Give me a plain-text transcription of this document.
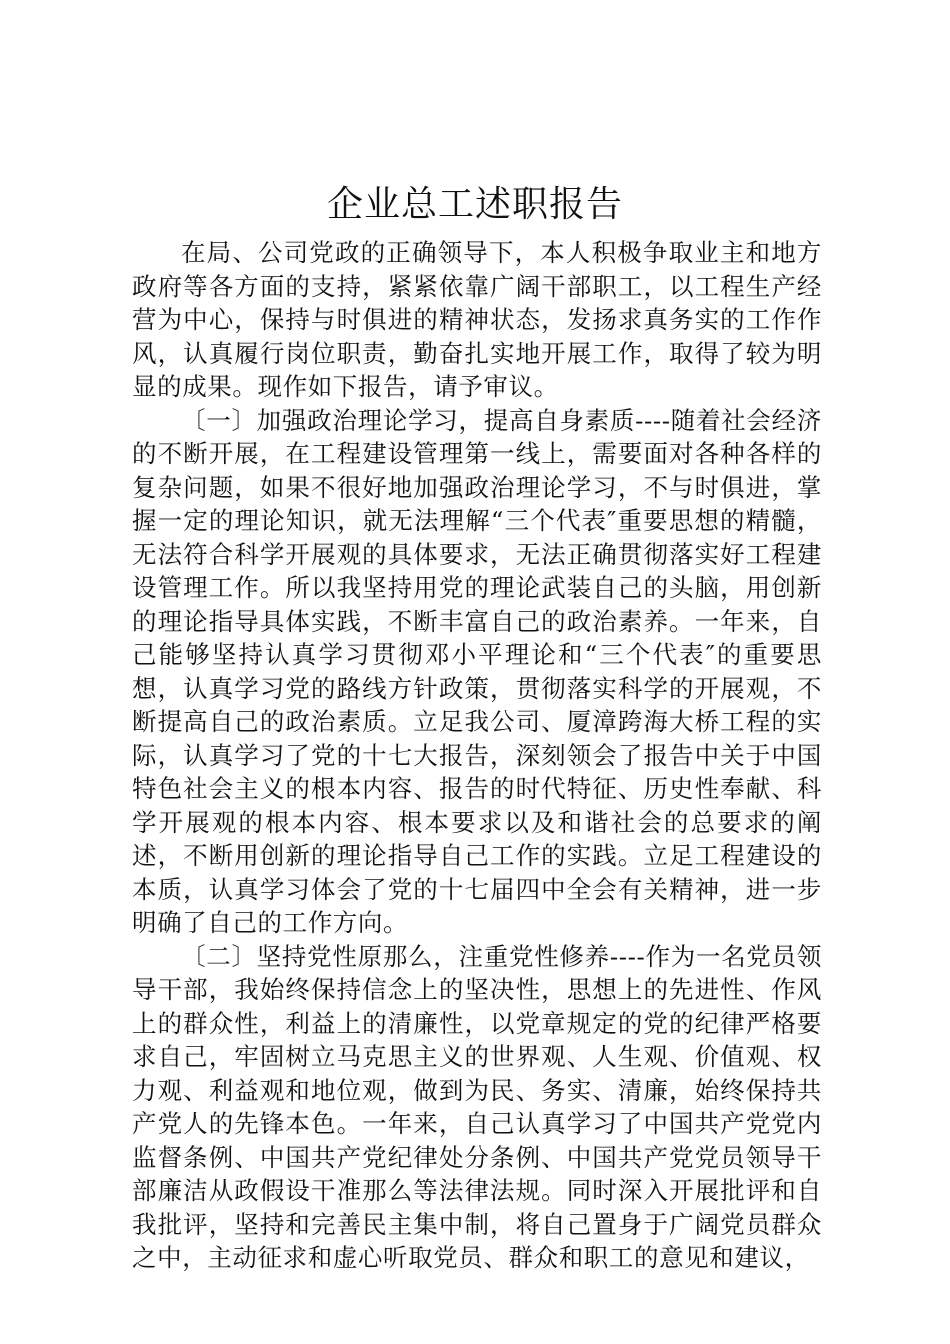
企业总工述职报告

在局、公司党政的正确领导下，本人积极争取业主和地方政府等各方面的支持，紧紧依靠广阔干部职工，以工程生产经营为中心，保持与时俱进的精神状态，发扬求真务实的工作作风，认真履行岗位职责，勤奋扎实地开展工作，取得了较为明显的成果。现作如下报告，请予审议。

〔一〕加强政治理论学习，提高自身素质----随着社会经济的不断开展，在工程建设管理第一线上，需要面对各种各样的复杂问题，如果不很好地加强政治理论学习，不与时俱进，掌握一定的理论知识，就无法理解“三个代表″重要思想的精髓，无法符合科学开展观的具体要求，无法正确贯彻落实好工程建设管理工作。所以我坚持用党的理论武装自己的头脑，用创新的理论指导具体实践，不断丰富自己的政治素养。一年来，自己能够坚持认真学习贯彻邓小平理论和“三个代表″的重要思想，认真学习党的路线方针政策，贯彻落实科学的开展观，不断提高自己的政治素质。立足我公司、厦漳跨海大桥工程的实际，认真学习了党的十七大报告，深刻领会了报告中关于中国特色社会主义的根本内容、报告的时代特征、历史性奉献、科学开展观的根本内容、根本要求以及和谐社会的总要求的阐述，不断用创新的理论指导自己工作的实践。立足工程建设的本质，认真学习体会了党的十七届四中全会有关精神，进一步明确了自己的工作方向。

〔二〕坚持党性原那么，注重党性修养----作为一名党员领导干部，我始终保持信念上的坚决性，思想上的先进性、作风上的群众性，利益上的清廉性，以党章规定的党的纪律严格要求自己，牢固树立马克思主义的世界观、人生观、价值观、权力观、利益观和地位观，做到为民、务实、清廉，始终保持共产党人的先锋本色。一年来，自己认真学习了中国共产党党内监督条例、中国共产党纪律处分条例、中国共产党党员领导干部廉洁从政假设干准那么等法律法规。同时深入开展批评和自我批评，坚持和完善民主集中制，将自己置身于广阔党员群众之中，主动征求和虚心听取党员、群众和职工的意见和建议，
